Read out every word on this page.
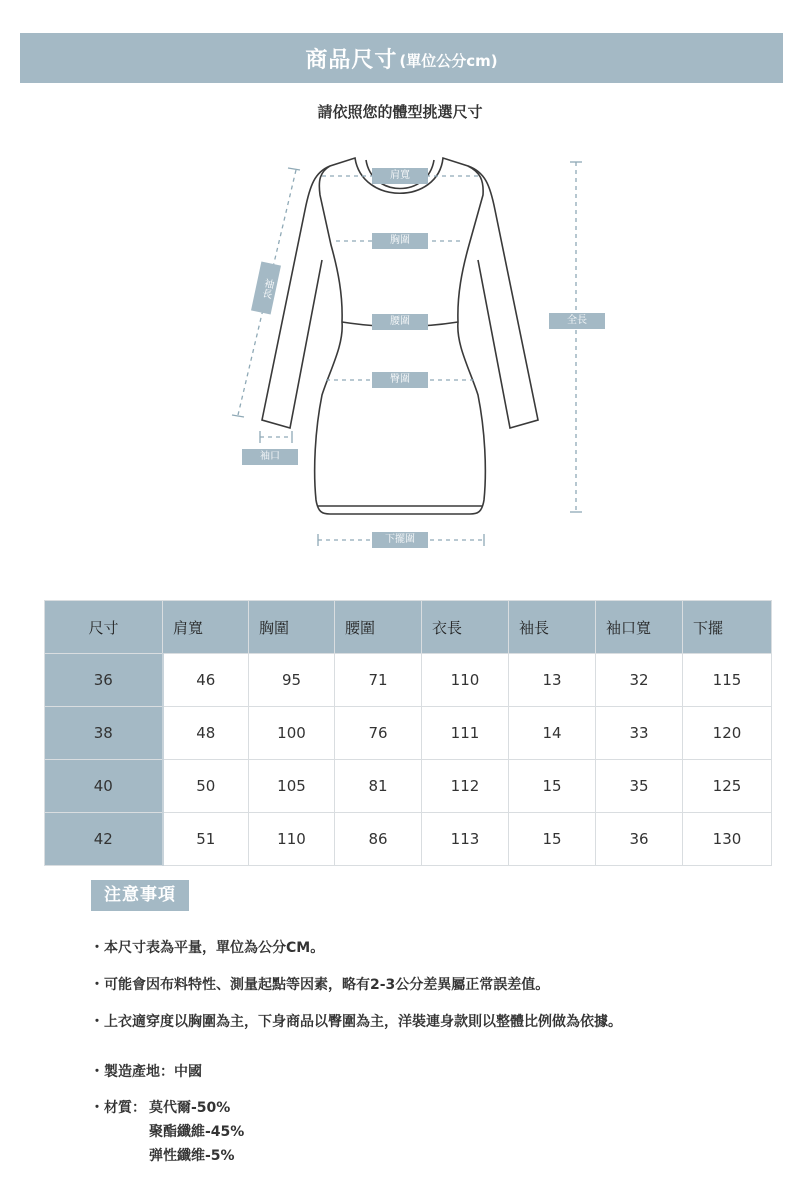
商品尺寸 (單位公分cm)
請依照您的體型挑選尺寸
肩寬
胸圍
腰圍
臀圍
下擺圍
全長
袖口
袖長
尺寸	肩寬	胸圍	腰圍	衣長	袖長	袖口寬	下擺
36	46	95	71	110	13	32	115
38	48	100	76	111	14	33	120
40	50	105	81	112	15	35	125
42	51	110	86	113	15	36	130
注意事項
・本尺寸表為平量，單位為公分CM。
・可能會因布料特性、測量起點等因素，略有2-3公分差異屬正常誤差值。
・上衣適穿度以胸圍為主，下身商品以臀圍為主，洋裝連身款則以整體比例做為依據。
・製造產地：中國
・材質： 莫代爾-50%
聚酯纖維-45%
弹性纖维-5%
